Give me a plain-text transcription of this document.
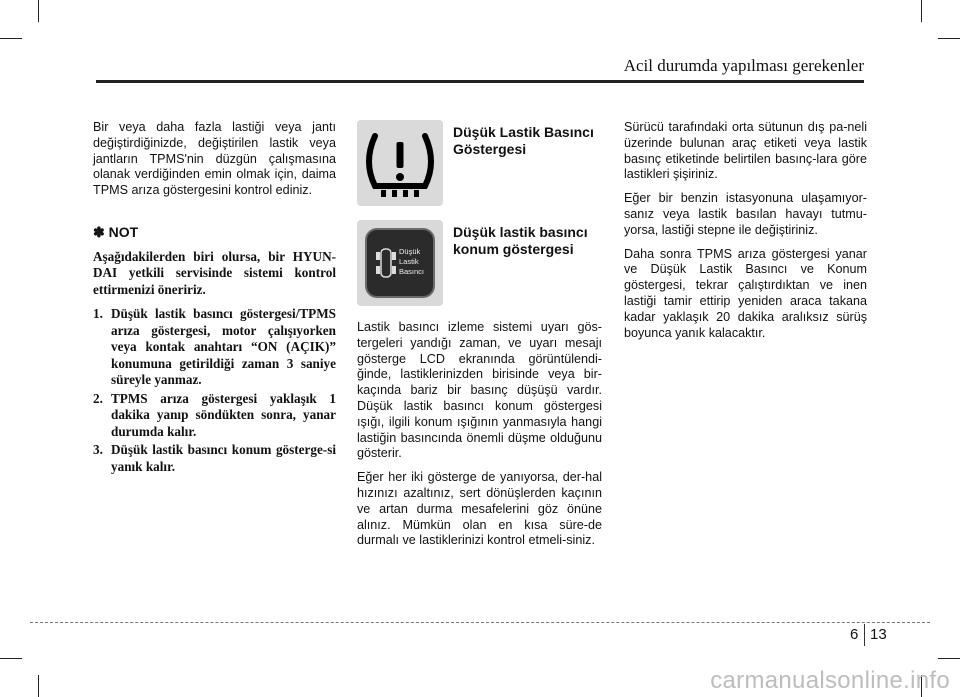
Acil durumda yapılması gerekenler

Bir veya daha fazla lastiği veya jantı değiştirdiğinizde, değiştirilen lastik veya jantların TPMS'nin düzgün çalışmasına olanak verdiğinden emin olmak için, daima TPMS arıza göstergesini kontrol ediniz.

✽ NOT

Aşağıdakilerden biri olursa, bir HYUN-DAI yetkili servisinde sistemi kontrol ettirmenizi öneririz.

1. Düşük lastik basıncı göstergesi/TPMS arıza göstergesi, motor çalışıyorken veya kontak anahtarı “ON (AÇIK)” konumuna getirildiği zaman 3 saniye süreyle yanmaz.
2. TPMS arıza göstergesi yaklaşık 1 dakika yanıp söndükten sonra, yanar durumda kalır.
3. Düşük lastik basıncı konum gösterge-si yanık kalır.
Düşük Lastik Basıncı Göstergesi
Düşük
Lastik
Basıncı
Düşük lastik basıncı konum göstergesi

Lastik basıncı izleme sistemi uyarı gös-tergeleri yandığı zaman, ve uyarı mesajı gösterge LCD ekranında görüntülendi-ğinde, lastiklerinizden birisinde veya bir-kaçında bariz bir basınç düşüşü vardır. Düşük lastik basıncı konum göstergesi ışığı, ilgili konum ışığının yanmasıyla hangi lastiğin basıncında önemli düşme olduğunu gösterir.

Eğer her iki gösterge de yanıyorsa, der-hal hızınızı azaltınız, sert dönüşlerden kaçının ve artan durma mesafelerini göz önüne alınız. Mümkün olan en kısa süre-de durmalı ve lastiklerinizi kontrol etmeli-siniz.

Sürücü tarafındaki orta sütunun dış pa-neli üzerinde bulunan araç etiketi veya lastik basınç etiketinde belirtilen basınç-lara göre lastikleri şişiriniz.

Eğer bir benzin istasyonuna ulaşamıyor-sanız veya lastik basılan havayı tutmu-yorsa, lastiği stepne ile değiştiriniz.

Daha sonra TPMS arıza göstergesi yanar ve Düşük Lastik Basıncı ve Konum göstergesi, tekrar çalıştırdıktan ve inen lastiği tamir ettirip yeniden araca takana kadar yaklaşık 20 dakika aralıksız sürüş boyunca yanık kalacaktır.

6 13
carmanualsonline.info
